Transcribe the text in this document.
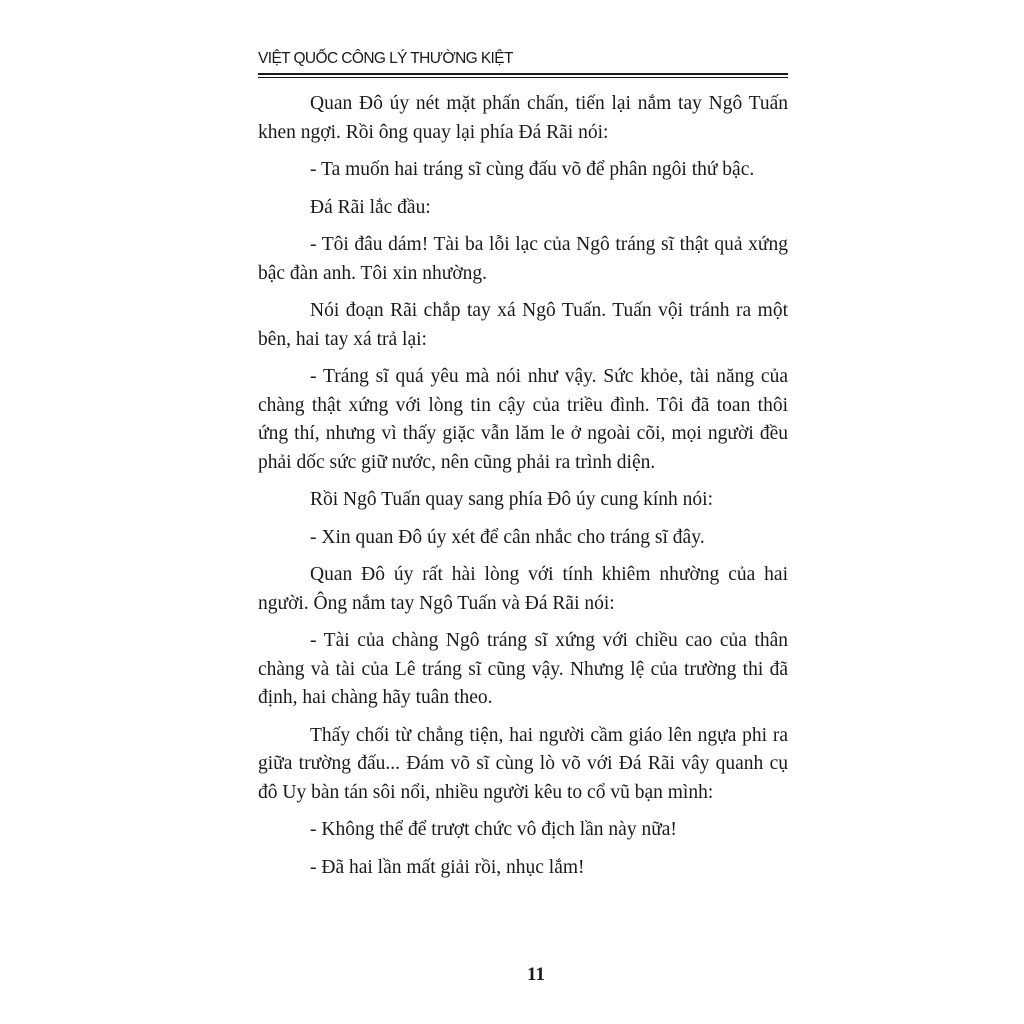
VIỆT QUỐC CÔNG LÝ THƯỜNG KIỆT

Quan Đô úy nét mặt phấn chấn, tiến lại nắm tay Ngô Tuấn khen ngợi. Rồi ông quay lại phía Đá Rãi nói:

- Ta muốn hai tráng sĩ cùng đấu võ để phân ngôi thứ bậc.

Đá Rãi lắc đầu:

- Tôi đâu dám! Tài ba lỗi lạc của Ngô tráng sĩ thật quả xứng bậc đàn anh. Tôi xin nhường.

Nói đoạn Rãi chắp tay xá Ngô Tuấn. Tuấn vội tránh ra một bên, hai tay xá trả lại:

- Tráng sĩ quá yêu mà nói như vậy. Sức khỏe, tài năng của chàng thật xứng với lòng tin cậy của triều đình. Tôi đã toan thôi ứng thí, nhưng vì thấy giặc vẫn lăm le ở ngoài cõi, mọi người đều phải dốc sức giữ nước, nên cũng phải ra trình diện.

Rồi Ngô Tuấn quay sang phía Đô úy cung kính nói:

- Xin quan Đô úy xét để cân nhắc cho tráng sĩ đây.

Quan Đô úy rất hài lòng với tính khiêm nhường của hai người. Ông nắm tay Ngô Tuấn và Đá Rãi nói:

- Tài của chàng Ngô tráng sĩ xứng với chiều cao của thân chàng và tài của Lê tráng sĩ cũng vậy. Nhưng lệ của trường thi đã định, hai chàng hãy tuân theo.

Thấy chối từ chẳng tiện, hai người cầm giáo lên ngựa phi ra giữa trường đấu... Đám võ sĩ cùng lò võ với Đá Rãi vây quanh cụ đô Uy bàn tán sôi nổi, nhiều người kêu to cổ vũ bạn mình:

- Không thể để trượt chức vô địch lần này nữa!

- Đã hai lần mất giải rồi, nhục lắm!

11
